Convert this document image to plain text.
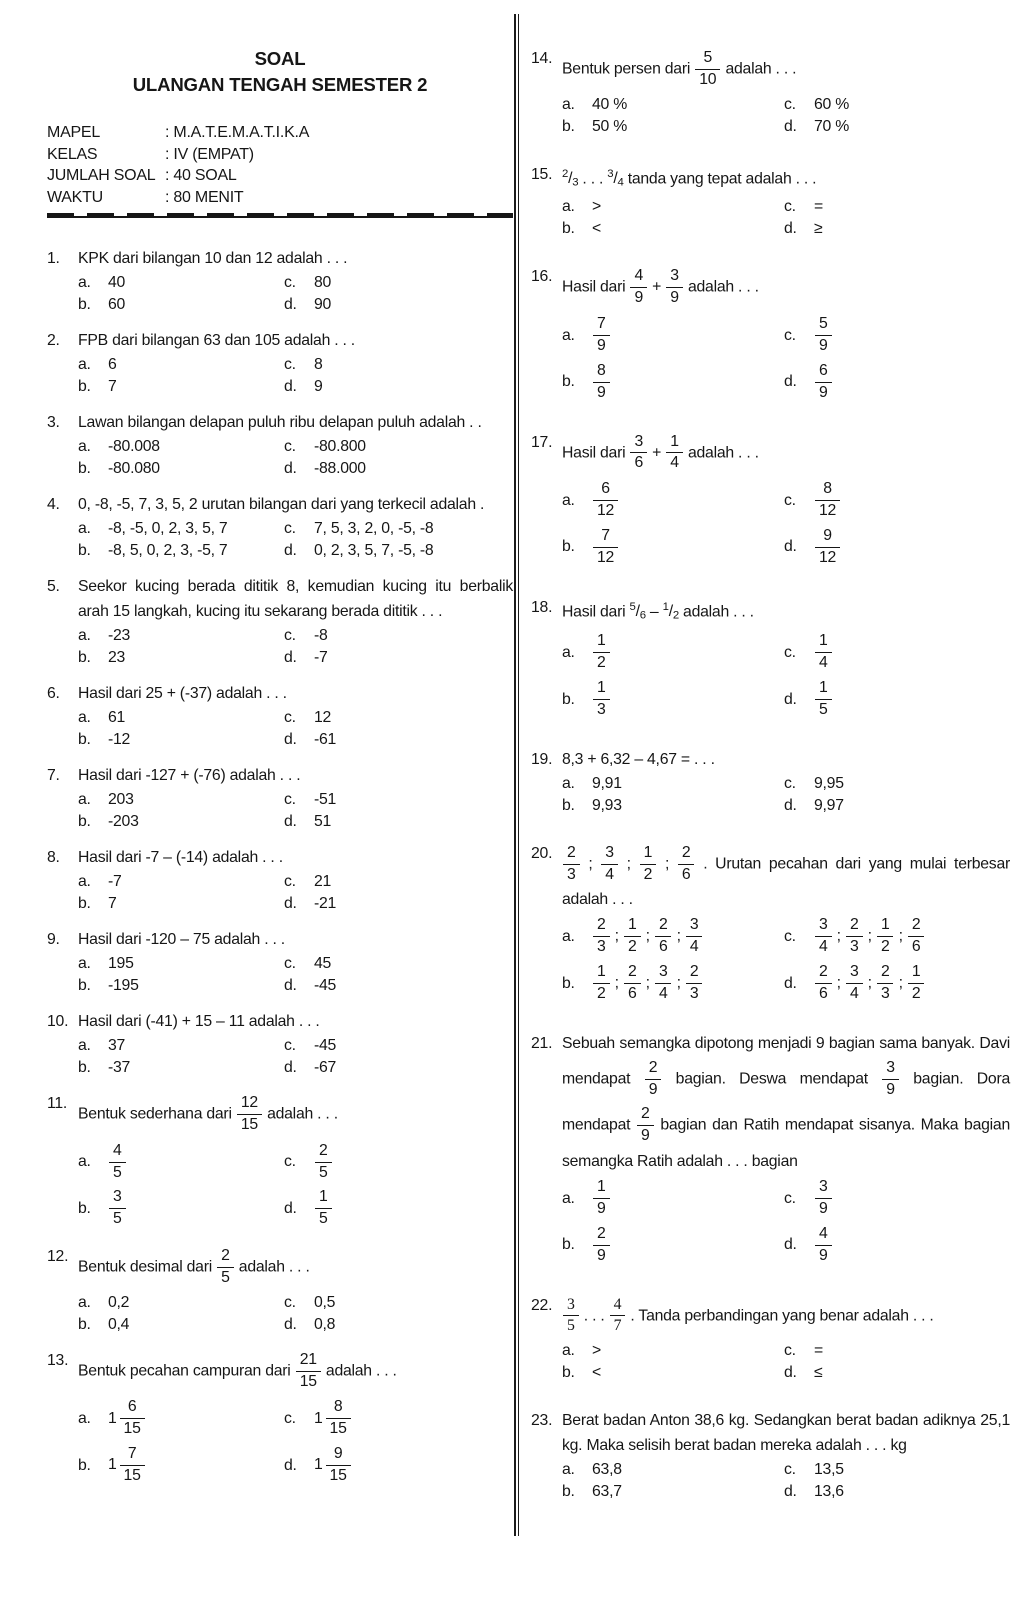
SOAL
ULANGAN TENGAH SEMESTER 2
MAPEL	: M.A.T.E.M.A.T.I.K.A
KELAS	: IV (EMPAT)
JUMLAH SOAL : 40 SOAL
WAKTU	: 80 MENIT
1.	KPK dari bilangan 10 dan 12 adalah . . .
a. 40	c. 80
b. 60	d. 90
2.	FPB dari bilangan 63 dan 105 adalah . . .
a. 6	c. 8
b. 7	d. 9
3.	Lawan bilangan delapan puluh ribu delapan puluh adalah . .
a. -80.008	c. -80.800
b. -80.080	d. -88.000
4.	0, -8, -5, 7, 3, 5, 2 urutan bilangan dari yang terkecil adalah .
a. -8, -5, 0, 2, 3, 5, 7	c. 7, 5, 3, 2, 0, -5, -8
b. -8, 5, 0, 2, 3, -5, 7	d. 0, 2, 3, 5, 7, -5, -8
5.	Seekor kucing berada dititik 8, kemudian kucing itu berbalik arah 15 langkah, kucing itu sekarang berada dititik . . .
a. -23	c. -8
b. 23	d. -7
6.	Hasil dari 25 + (-37) adalah . . .
a. 61	c. 12
b. -12	d. -61
7.	Hasil dari -127 + (-76) adalah . . .
a. 203	c. -51
b. -203	d. 51
8.	Hasil dari -7 – (-14) adalah . . .
a. -7	c. 21
b. 7	d. -21
9.	Hasil dari -120 – 75 adalah . . .
a. 195	c. 45
b. -195	d. -45
10. Hasil dari (-41) + 15 – 11 adalah . . .
a. 37	c. -45
b. -37	d. -67
11.
Bentuk sederhana dari $\frac{12}{15}$ adalah . . .
a. $\frac{4}{5}$	c. $\frac{2}{5}$
b. $\frac{3}{5}$	d. $\frac{1}{5}$
12.
Bentuk desimal dari $\frac{2}{5}$ adalah . . .
a. 0,2	c. 0,5
b. 0,4	d. 0,8
13.
Bentuk pecahan campuran dari $\frac{21}{15}$ adalah . . .
a. $1 \frac{6}{15}$	c. $1 \frac{8}{15}$
b. $1 \frac{7}{15}$	d. $1 \frac{9}{15}$
14.
Bentuk persen dari $\frac{5}{10}$ adalah . . .
a. 40 %	c. 60 %
b. 50 %	d. 70 %
15. $^2$/3 . . . $^3$/4 tanda yang tepat adalah . . .
a. >	c. =
b. <	d. ≥
16.
Hasil dari $\frac{4}{9} + \frac{3}{9}$ adalah . . .
a. $\frac{7}{9}$	c. $\frac{5}{9}$
b. $\frac{8}{9}$	d. $\frac{6}{9}$
17.
Hasil dari $\frac{3}{6} + \frac{1}{4}$ adalah . . .
a. $\frac{6}{12}$	c. $\frac{8}{12}$
b. $\frac{7}{12}$	d. $\frac{9}{12}$
18. Hasil dari $^5$/6 – $^1$/2 adalah . . .
a. $\frac{1}{2}$	c. $\frac{1}{4}$
b. $\frac{1}{3}$	d. $\frac{1}{5}$
19. 8,3 + 6,32 – 4,67 = . . .
a. 9,91	c. 9,95
b. 9,93	d. 9,97
20. $\frac{2}{3}$ ; $\frac{3}{4}$ ; $\frac{1}{2}$ ; $\frac{2}{6}$ . Urutan pecahan dari yang mulai terbesar adalah . . .
a. $\frac{2}{3}$ ; $\frac{1}{2}$ ; $\frac{2}{6}$ ; $\frac{3}{4}$	c. $\frac{3}{4}$ ; $\frac{2}{3}$ ; $\frac{1}{2}$ ; $\frac{2}{6}$
b. $\frac{1}{2}$ ; $\frac{2}{6}$ ; $\frac{3}{4}$ ; $\frac{2}{3}$	d. $\frac{2}{6}$ ; $\frac{3}{4}$ ; $\frac{2}{3}$ ; $\frac{1}{2}$
21. Sebuah semangka dipotong menjadi 9 bagian sama banyak. Davi mendapat $\frac{2}{9}$ bagian. Deswa mendapat $\frac{3}{9}$ bagian. Dora mendapat $\frac{2}{9}$ bagian dan Ratih mendapat sisanya. Maka bagian semangka Ratih adalah . . . bagian
a. $\frac{1}{9}$	c. $\frac{3}{9}$
b. $\frac{2}{9}$	d. $\frac{4}{9}$
22. $\frac{3}{5}$ . . . $\frac{4}{7}$ . Tanda perbandingan yang benar adalah . . .
a. >	c. =
b. <	d. ≤
23. Berat badan Anton 38,6 kg. Sedangkan berat badan adiknya 25,1 kg. Maka selisih berat badan mereka adalah . . . kg
a. 63,8	c. 13,5
b. 63,7	d. 13,6
